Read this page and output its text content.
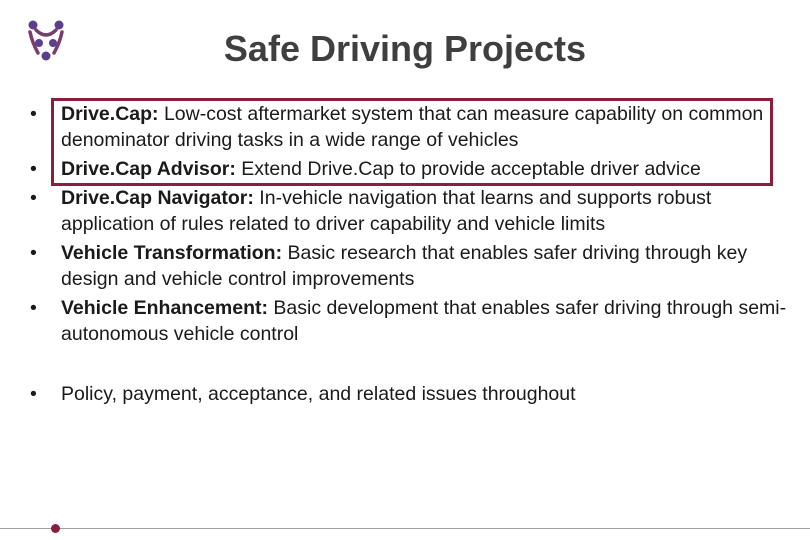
Safe Driving Projects
• Drive.Cap: Low-cost aftermarket system that can measure capability on common denominator driving tasks in a wide range of vehicles
• Drive.Cap Advisor: Extend Drive.Cap to provide acceptable driver advice
• Drive.Cap Navigator: In-vehicle navigation that learns and supports robust application of rules related to driver capability and vehicle limits
• Vehicle Transformation: Basic research that enables safer driving through key design and vehicle control improvements
• Vehicle Enhancement: Basic development that enables safer driving through semi-autonomous vehicle control
• Policy, payment, acceptance, and related issues throughout
